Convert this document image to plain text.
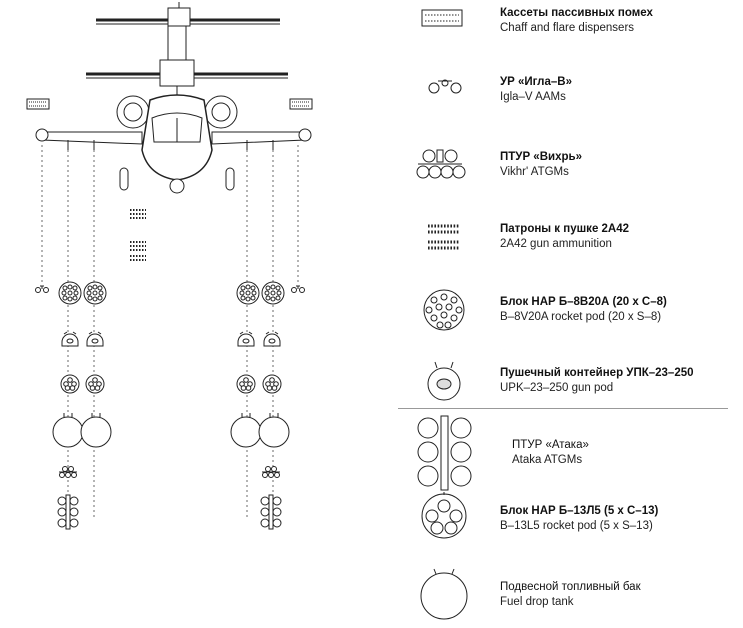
Кассеты пассивных помех
Chaff and flare dispensers
УР «Игла–В»
Igla–V AAMs
ПТУР «Вихрь»
Vikhr' ATGMs
Патроны к пушке 2А42
2A42 gun ammunition
Блок НАР Б–8В20А (20 х С–8)
B–8V20A rocket pod (20 x S–8)
Пушечный контейнер УПК–23–250
UPK–23–250 gun pod
ПТУР «Атака»
Ataka ATGMs
Блок НАР Б–13Л5 (5 х С–13)
B–13L5 rocket pod (5 x S–13)
Подвесной топливный бак
Fuel drop tank
